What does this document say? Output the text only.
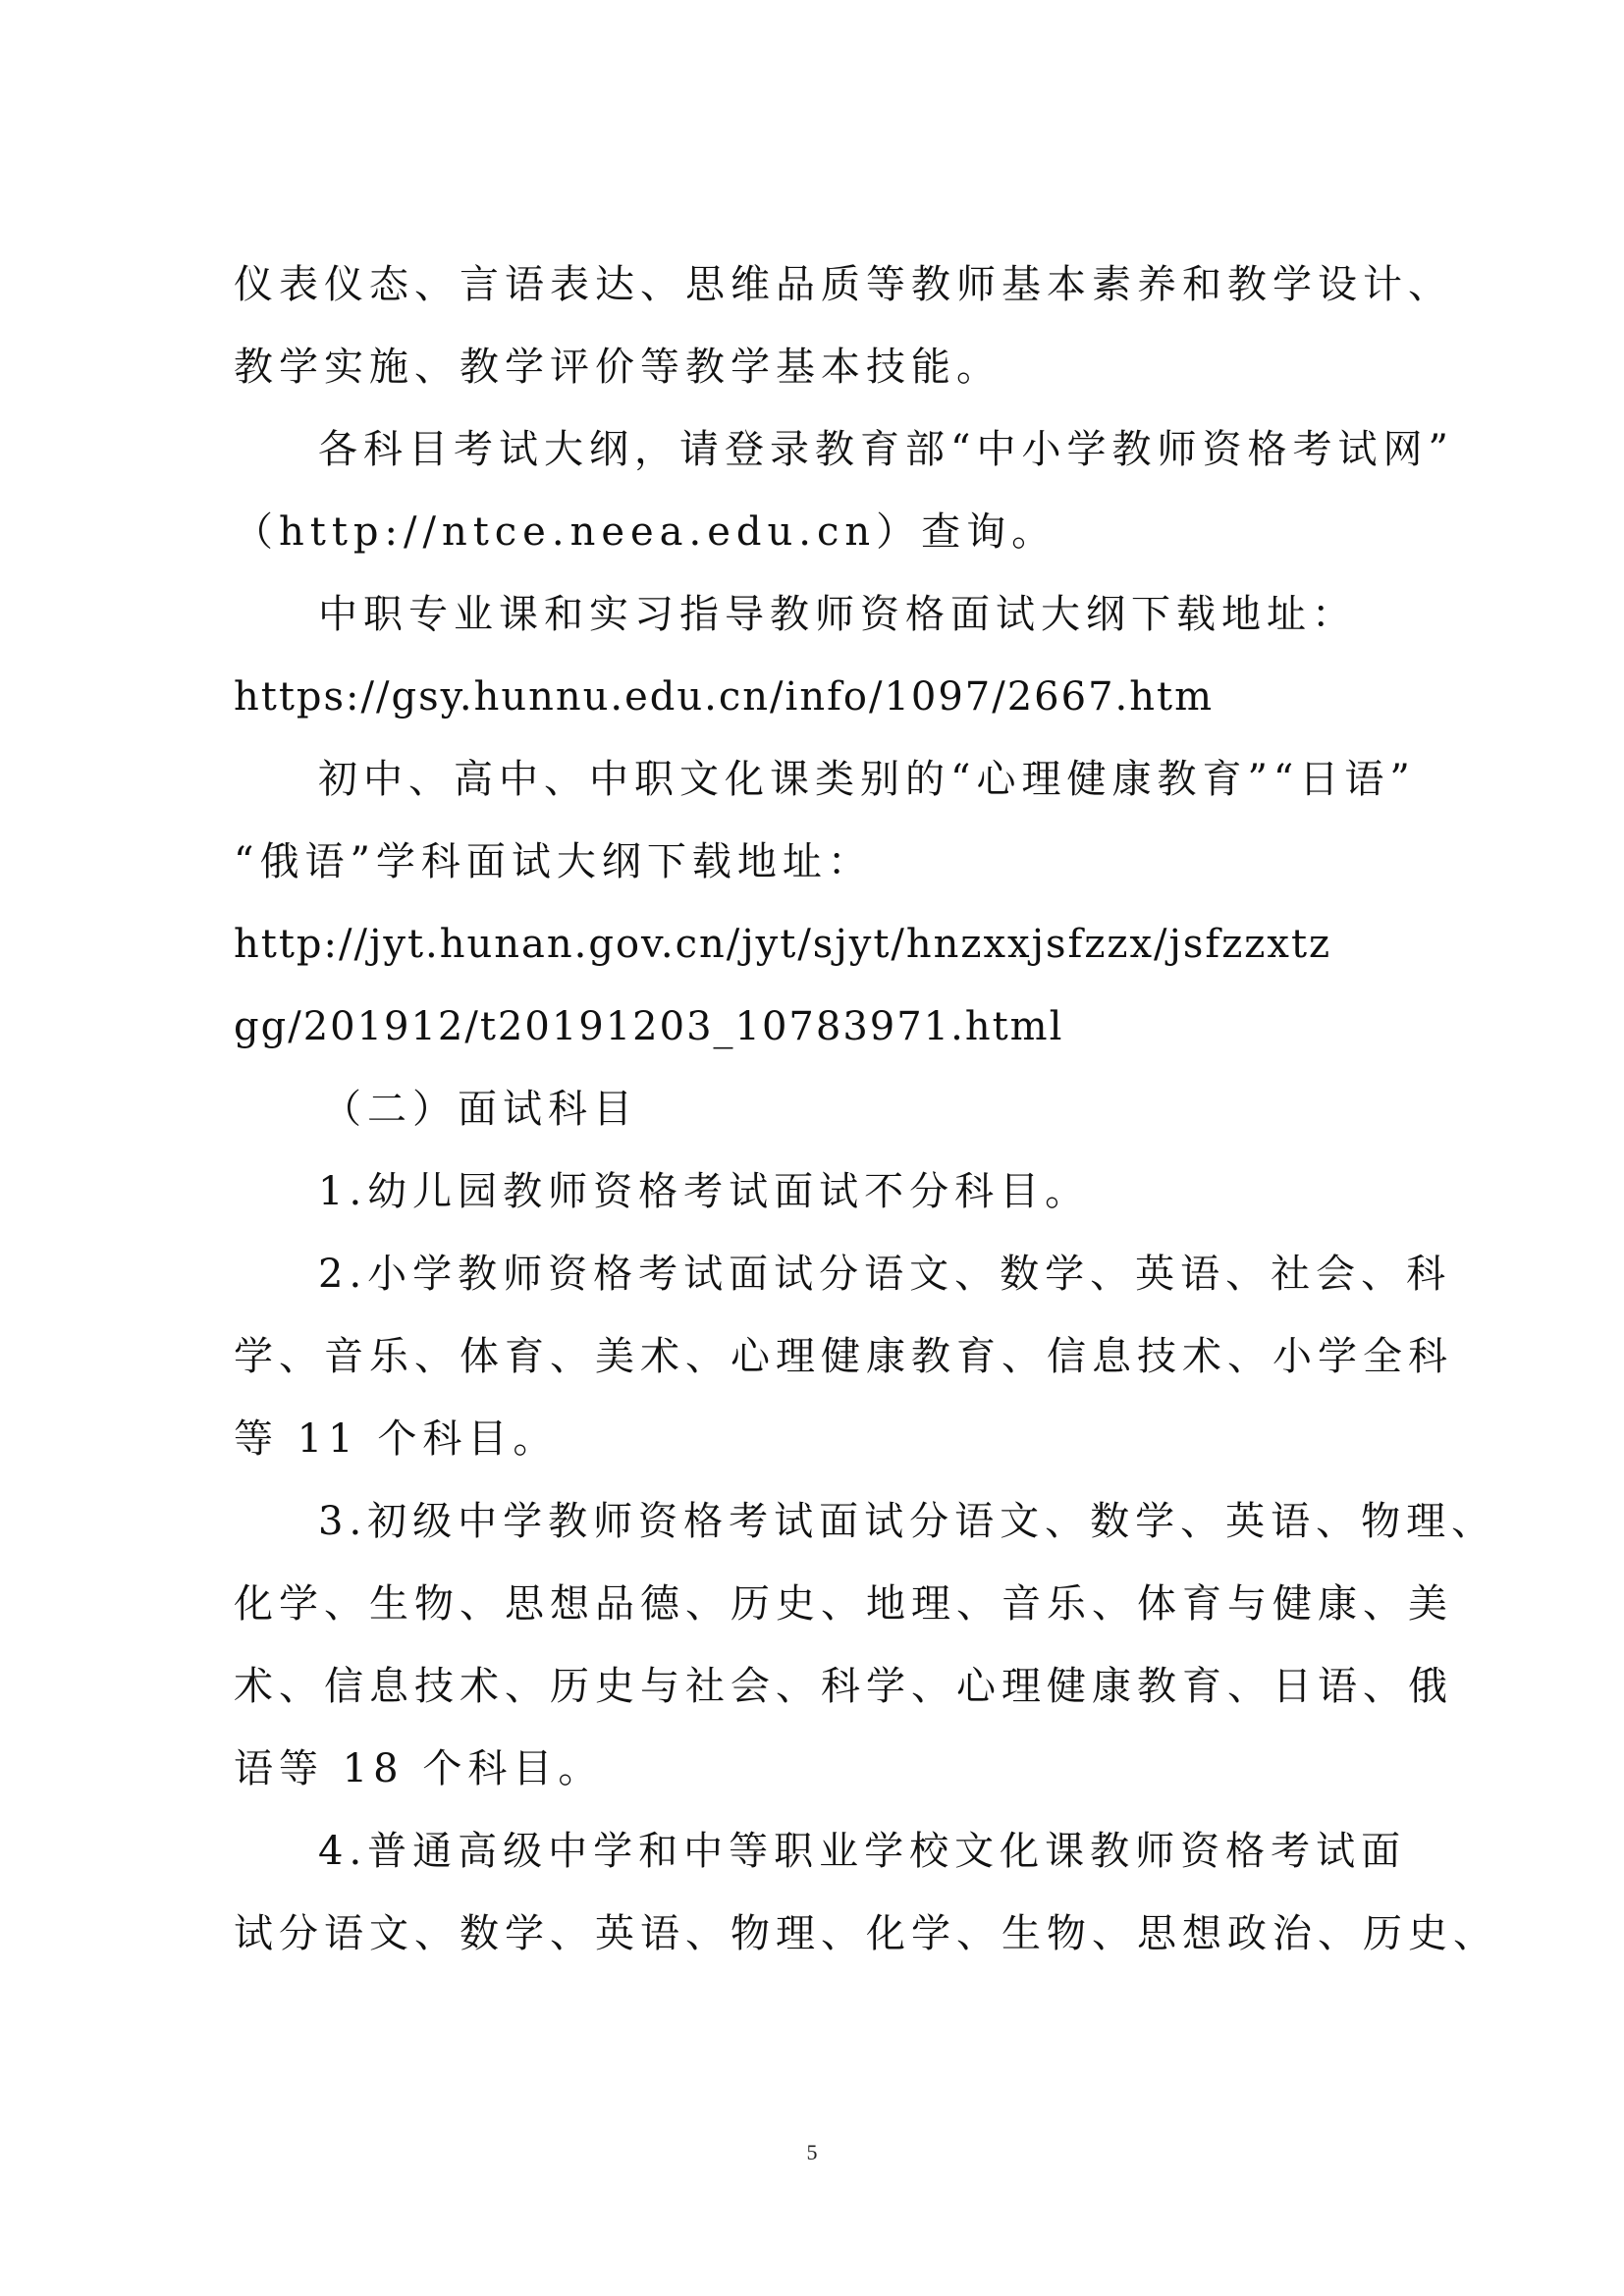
仪表仪态、言语表达、思维品质等教师基本素养和教学设计、
教学实施、教学评价等教学基本技能。
各科目考试大纲，请登录教育部“中小学教师资格考试网”
（http://ntce.neea.edu.cn）查询。
中职专业课和实习指导教师资格面试大纲下载地址：
https://gsy.hunnu.edu.cn/info/1097/2667.htm
初中、高中、中职文化课类别的“心理健康教育”“日语”
“俄语”学科面试大纲下载地址：
http://jyt.hunan.gov.cn/jyt/sjyt/hnzxxjsfzzx/jsfzzxtz
gg/201912/t20191203_10783971.html
（二）面试科目
1.幼儿园教师资格考试面试不分科目。
2.小学教师资格考试面试分语文、数学、英语、社会、科
学、音乐、体育、美术、心理健康教育、信息技术、小学全科
等 11 个科目。
3.初级中学教师资格考试面试分语文、数学、英语、物理、
化学、生物、思想品德、历史、地理、音乐、体育与健康、美
术、信息技术、历史与社会、科学、心理健康教育、日语、俄
语等 18 个科目。
4.普通高级中学和中等职业学校文化课教师资格考试面
试分语文、数学、英语、物理、化学、生物、思想政治、历史、
5
